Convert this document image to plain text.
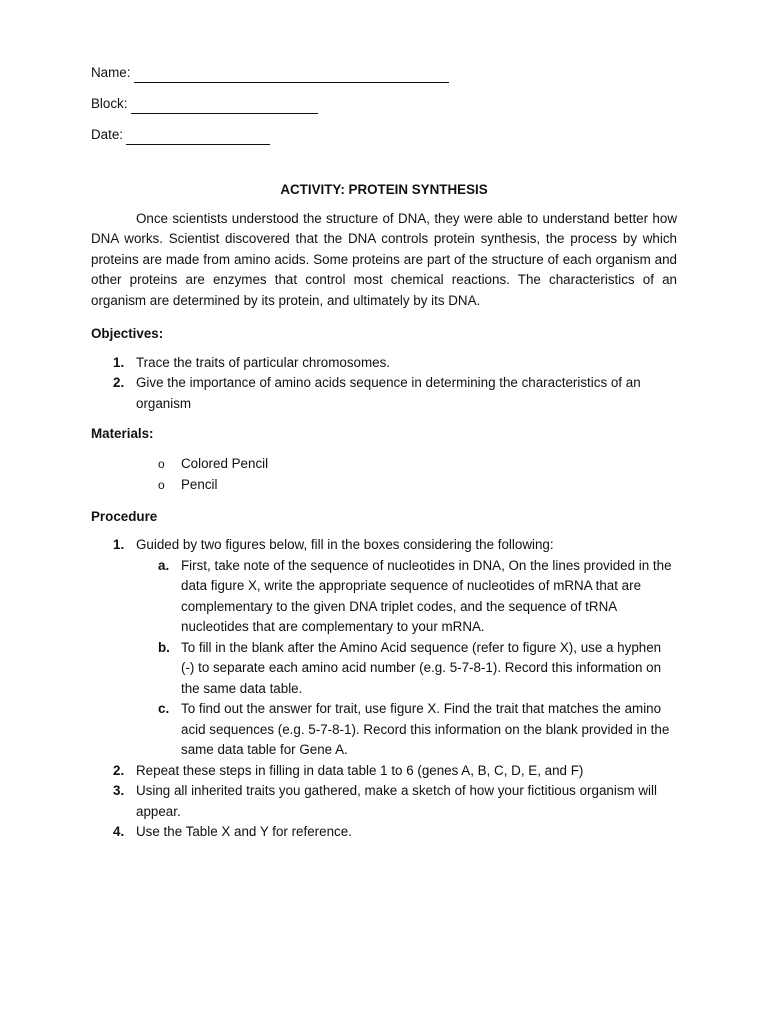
Name:
Block:
Date:
ACTIVITY: PROTEIN SYNTHESIS

Once scientists understood the structure of DNA, they were able to understand better how DNA works. Scientist discovered that the DNA controls protein synthesis, the process by which proteins are made from amino acids. Some proteins are part of the structure of each organism and other proteins are enzymes that control most chemical reactions. The characteristics of an organism are determined by its protein, and ultimately by its DNA.

Objectives:
1. Trace the traits of particular chromosomes.
2. Give the importance of amino acids sequence in determining the characteristics of an organism
Materials:
o Colored Pencil
o Pencil
Procedure
1. Guided by two figures below, fill in the boxes considering the following:
a. First, take note of the sequence of nucleotides in DNA, On the lines provided in the data figure X, write the appropriate sequence of nucleotides of mRNA that are complementary to the given DNA triplet codes, and the sequence of tRNA nucleotides that are complementary to your mRNA.
b. To fill in the blank after the Amino Acid sequence (refer to figure X), use a hyphen (-) to separate each amino acid number (e.g. 5-7-8-1). Record this information on the same data table.
c. To find out the answer for trait, use figure X. Find the trait that matches the amino acid sequences (e.g. 5-7-8-1). Record this information on the blank provided in the same data table for Gene A.
2. Repeat these steps in filling in data table 1 to 6 (genes A, B, C, D, E, and F)
3. Using all inherited traits you gathered, make a sketch of how your fictitious organism will appear.
4. Use the Table X and Y for reference.
